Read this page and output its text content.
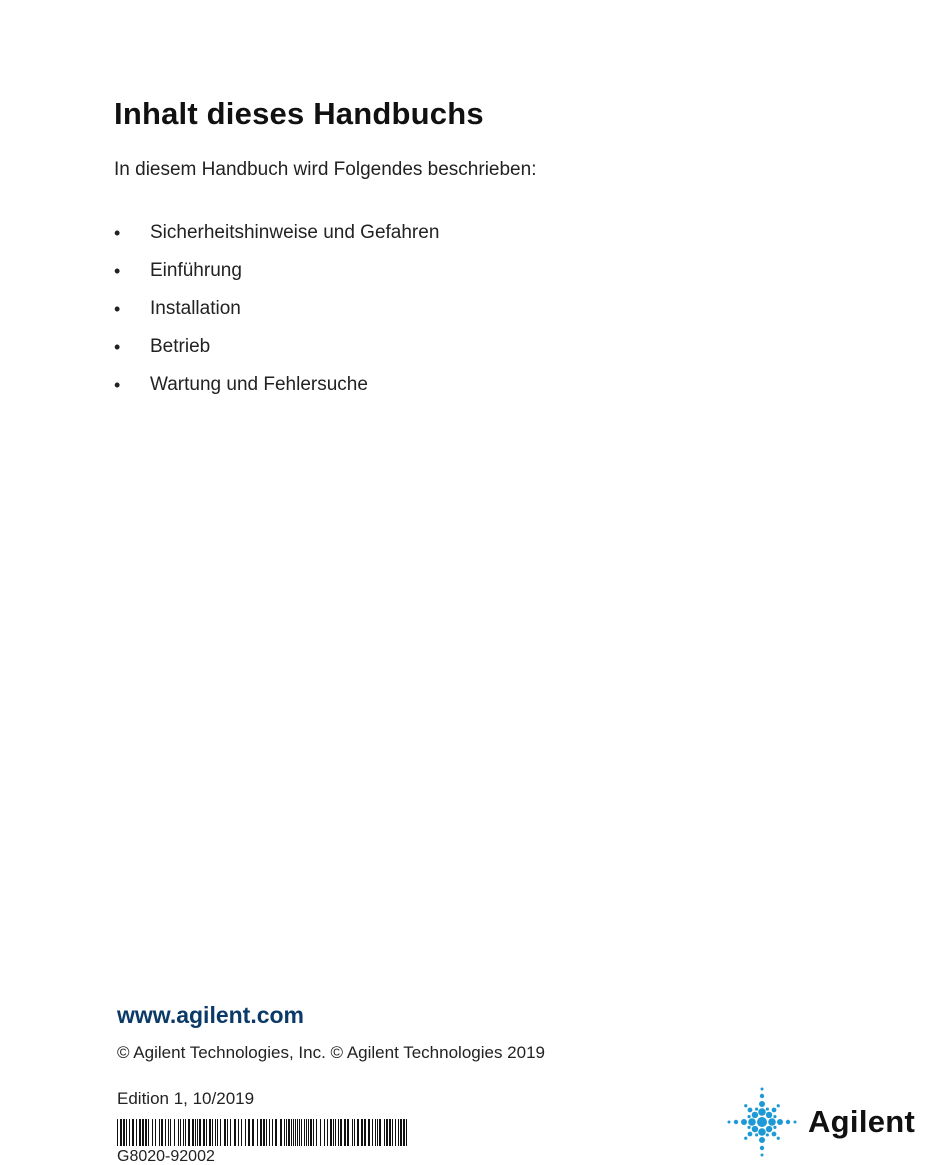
Inhalt dieses Handbuchs

In diesem Handbuch wird Folgendes beschrieben:

• Sicherheitshinweise und Gefahren
• Einführung
• Installation
• Betrieb
• Wartung und Fehlersuche

www.agilent.com

© Agilent Technologies, Inc. © Agilent Technologies 2019

Edition 1, 10/2019

G8020-92002

Agilent
